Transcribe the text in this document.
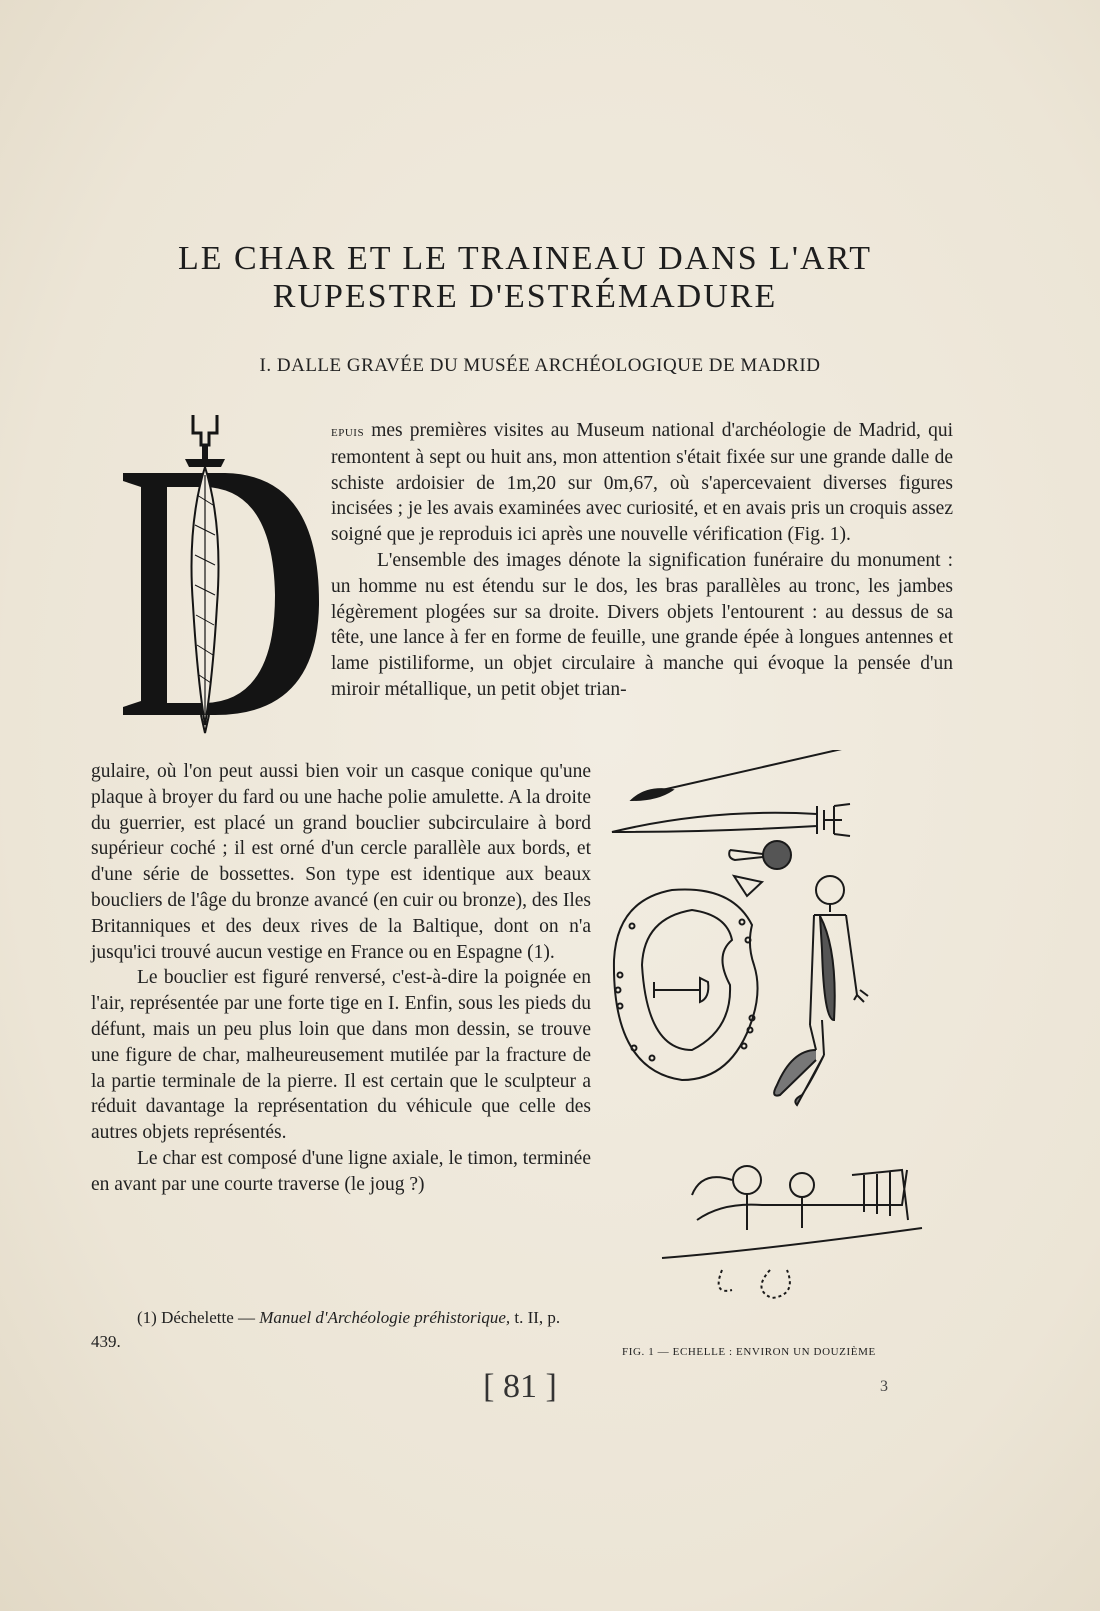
LE CHAR ET LE TRAINEAU DANS L'ART
RUPESTRE D'ESTRÉMADURE
I. DALLE GRAVÉE DU MUSÉE ARCHÉOLOGIQUE DE MADRID

epuis mes premières visites au Museum national d'archéologie de Madrid, qui remontent à sept ou huit ans, mon attention s'était fixée sur une grande dalle de schiste ardoisier de 1m,20 sur 0m,67, où s'apercevaient diverses figures incisées ; je les avais examinées avec curiosité, et en avais pris un croquis assez soigné que je reproduis ici après une nouvelle vérification (Fig. 1).

L'ensemble des images dénote la signification funéraire du monument : un homme nu est étendu sur le dos, les bras parallèles au tronc, les jambes légèrement plogées sur sa droite. Divers objets l'entourent : au dessus de sa tête, une lance à fer en forme de feuille, une grande épée à longues antennes et lame pistiliforme, un objet circulaire à manche qui évoque la pensée d'un miroir métallique, un petit objet trian-

gulaire, où l'on peut aussi bien voir un casque conique qu'une plaque à broyer du fard ou une hache polie amulette. A la droite du guerrier, est placé un grand bouclier subcirculaire à bord supérieur coché ; il est orné d'un cercle parallèle aux bords, et d'une série de bossettes. Son type est identique aux beaux boucliers de l'âge du bronze avancé (en cuir ou bronze), des Iles Britanniques et des deux rives de la Baltique, dont on n'a jusqu'ici trouvé aucun vestige en France ou en Espagne (1).

Le bouclier est figuré renversé, c'est-à-dire la poignée en l'air, représentée par une forte tige en I. Enfin, sous les pieds du défunt, mais un peu plus loin que dans mon dessin, se trouve une figure de char, malheureusement mutilée par la fracture de la partie terminale de la pierre. Il est certain que le sculpteur a réduit davantage la représentation du véhicule que celle des autres objets représentés.

Le char est composé d'une ligne axiale, le timon, terminée en avant par une courte traverse (le joug ?)

FIG. 1 — ECHELLE : ENVIRON UN DOUZIÈME
(1) Déchelette — Manuel d'Archéologie préhistorique, t. II, p. 439.
[ 81 ]	3
